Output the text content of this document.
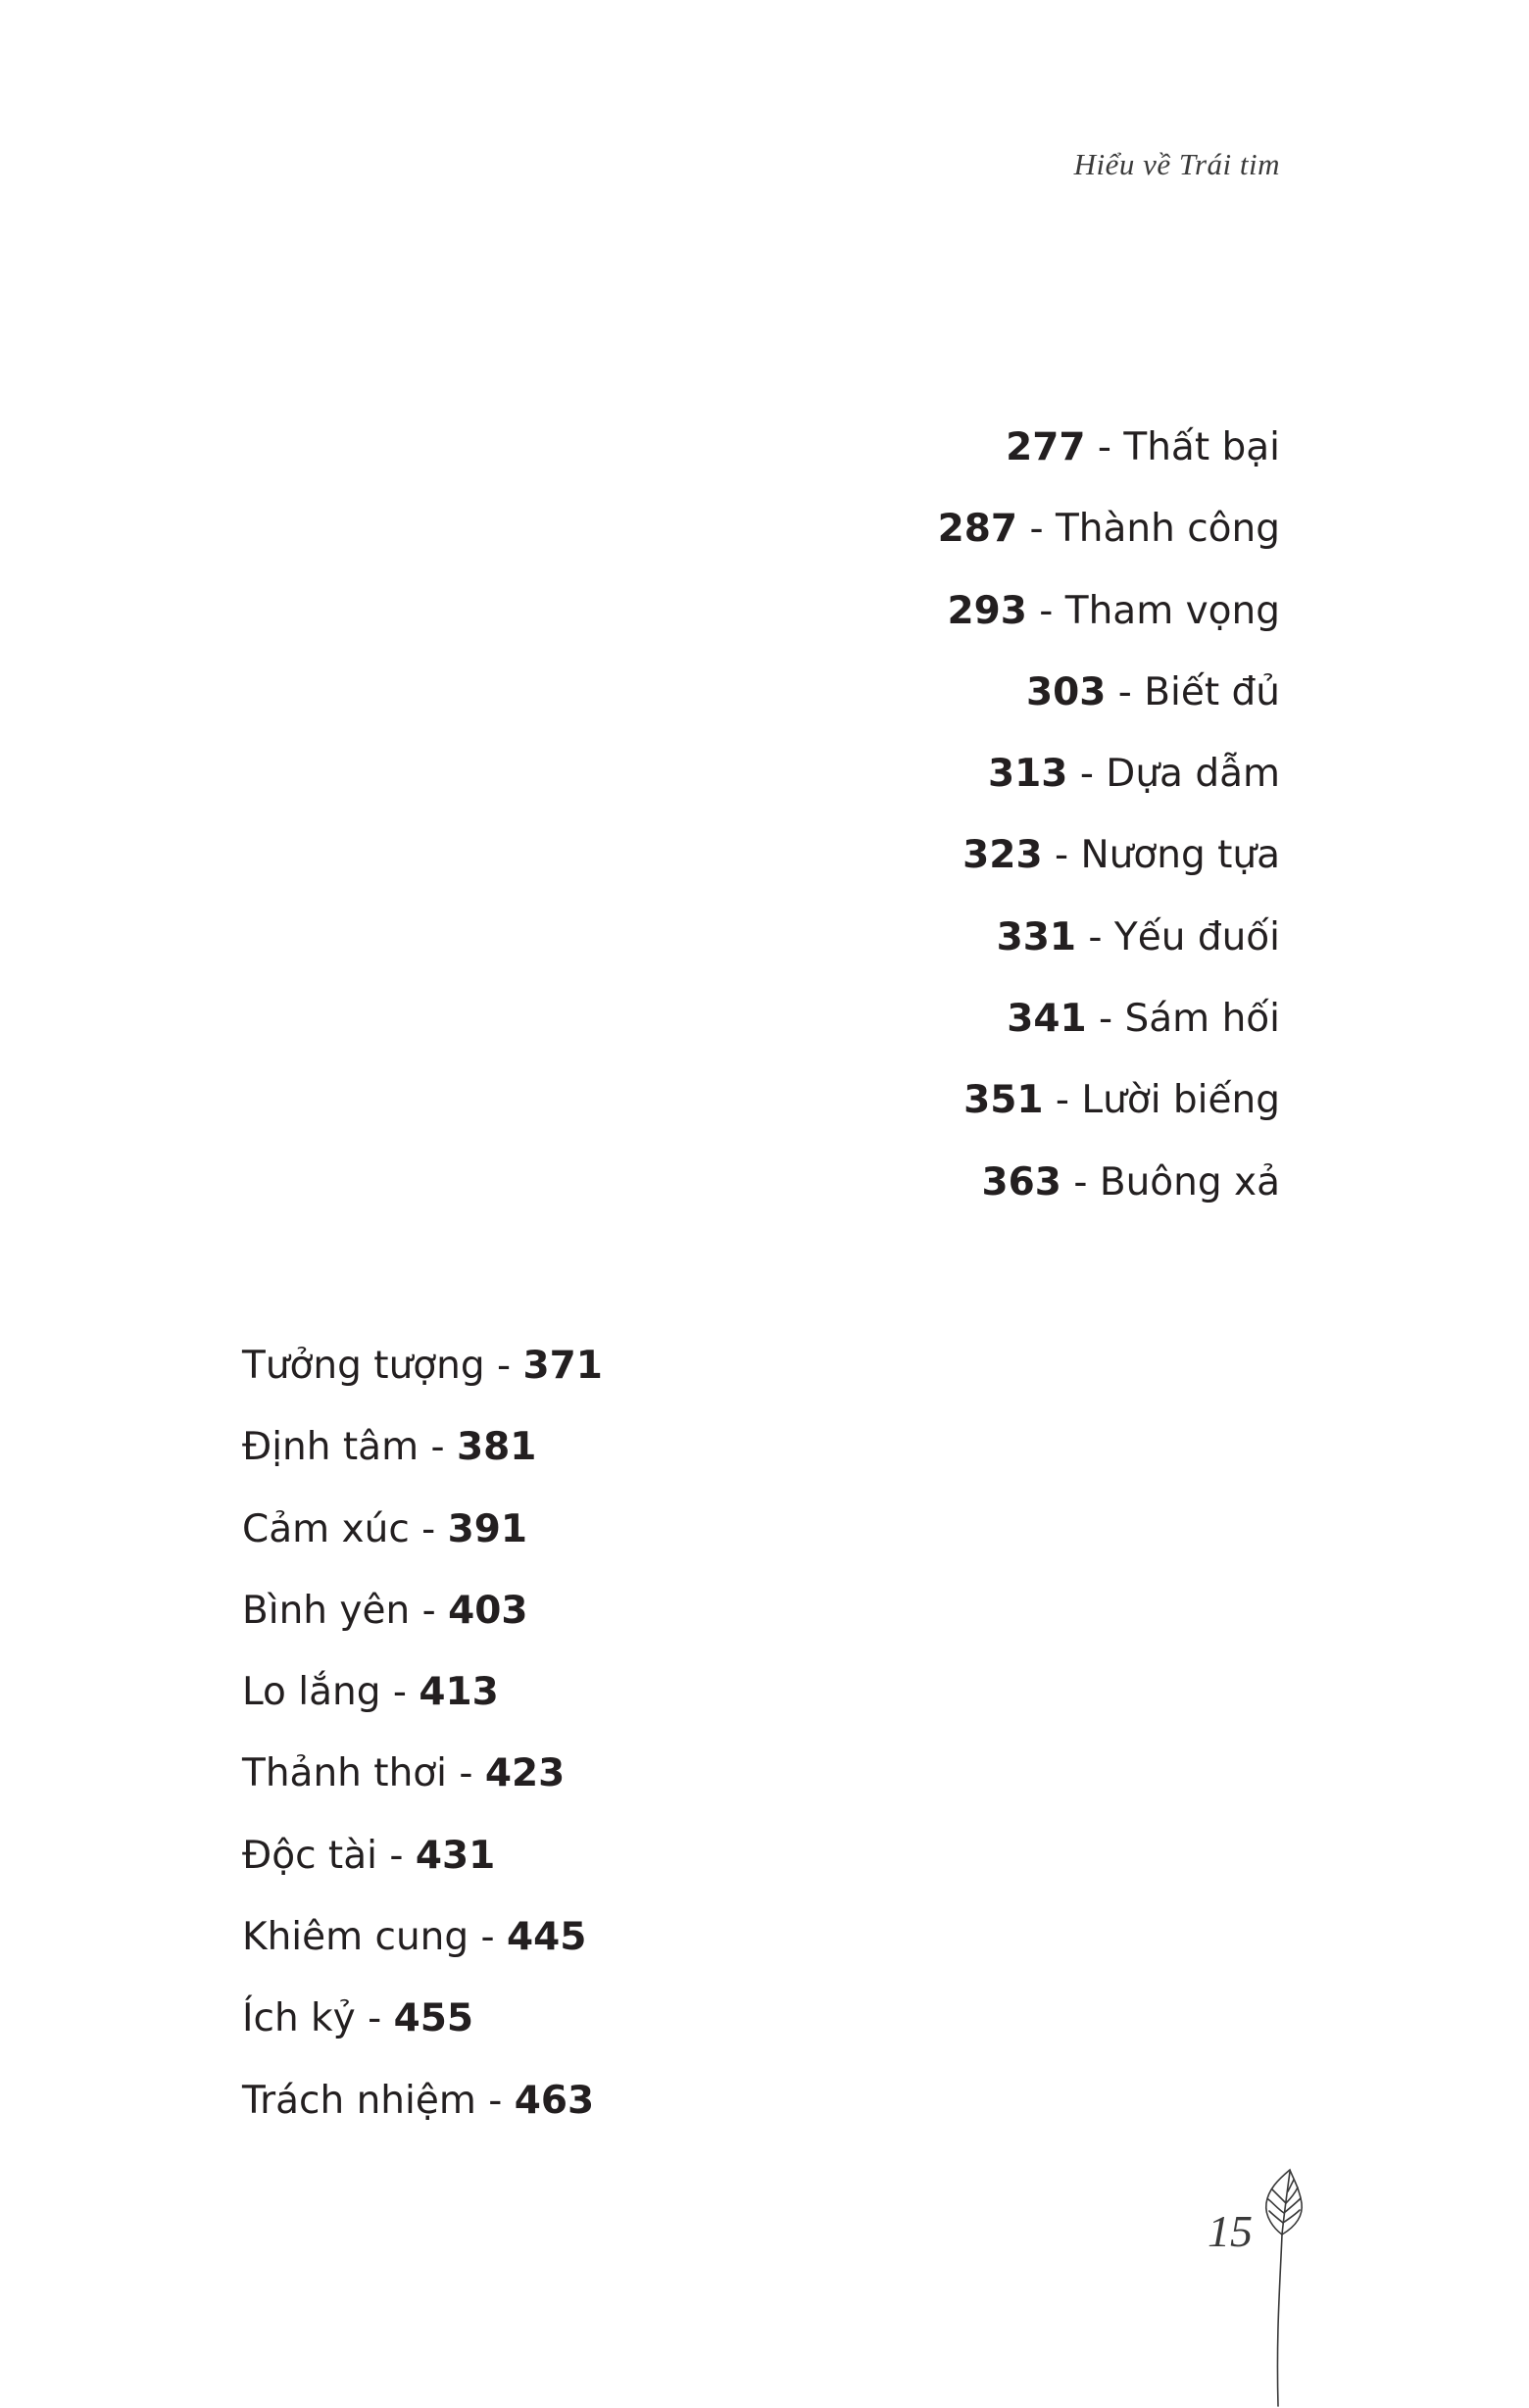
Hiểu về Trái tim
277 - Thất bại
287 - Thành công
293 - Tham vọng
303 - Biết đủ
313 - Dựa dẫm
323 - Nương tựa
331 - Yếu đuối
341 - Sám hối
351 - Lười biếng
363 - Buông xả
Tưởng tượng - 371
Định tâm - 381
Cảm xúc - 391
Bình yên - 403
Lo lắng - 413
Thảnh thơi - 423
Độc tài - 431
Khiêm cung - 445
Ích kỷ - 455
Trách nhiệm - 463
15
